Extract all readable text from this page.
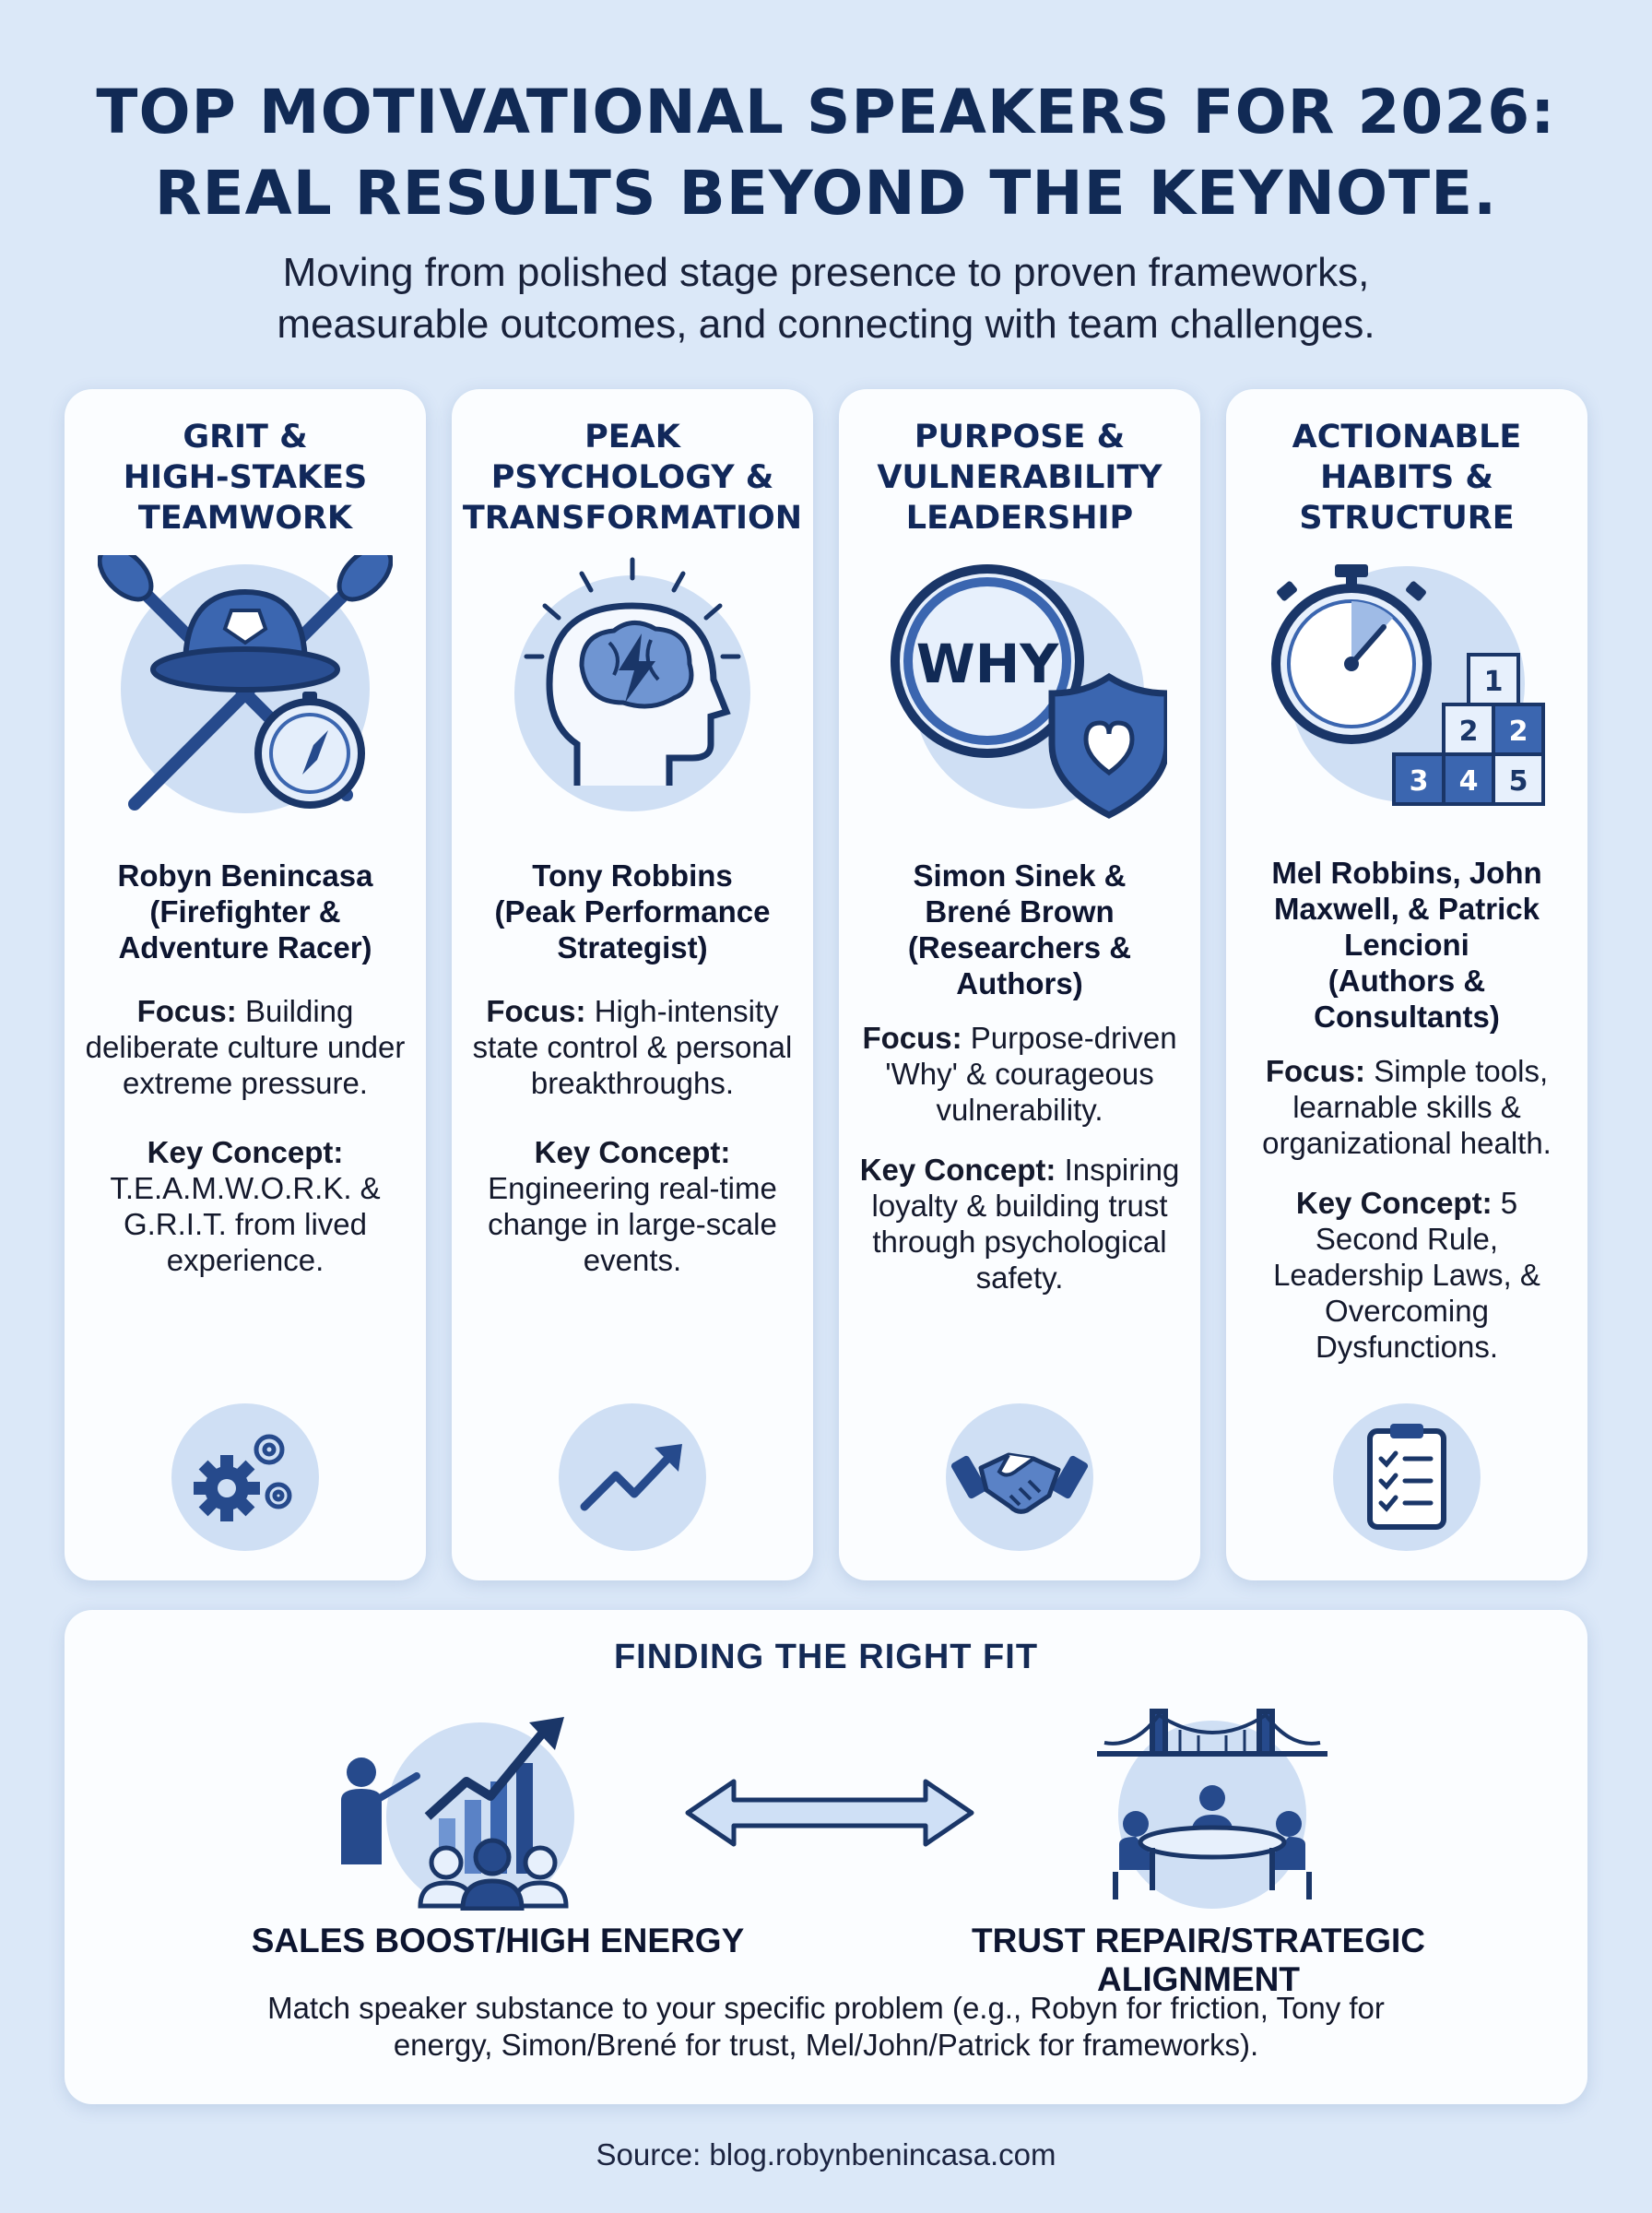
TOP MOTIVATIONAL SPEAKERS FOR 2026:
REAL RESULTS BEYOND THE KEYNOTE.
Moving from polished stage presence to proven frameworks,
measurable outcomes, and connecting with team challenges.
GRIT &
HIGH-STAKES
TEAMWORK
Robyn Benincasa
(Firefighter &
Adventure Racer)
Focus: Building deliberate culture under extreme pressure.
Key Concept: T.E.A.M.W.O.R.K. & G.R.I.T. from lived experience.
PEAK
PSYCHOLOGY &
TRANSFORMATION
Tony Robbins
(Peak Performance
Strategist)
Focus: High-intensity state control & personal breakthroughs.
Key Concept: Engineering real-time change in large-scale events.
PURPOSE &
VULNERABILITY
LEADERSHIP
WHY
Simon Sinek &
Brené Brown
(Researchers &
Authors)
Focus: Purpose-driven 'Why' & courageous vulnerability.
Key Concept: Inspiring loyalty & building trust through psychological safety.
ACTIONABLE
HABITS &
STRUCTURE
1
2 2
3 4 5
Mel Robbins, John
Maxwell, & Patrick
Lencioni
(Authors &
Consultants)
Focus: Simple tools, learnable skills & organizational health.
Key Concept: 5 Second Rule, Leadership Laws, & Overcoming Dysfunctions.
FINDING THE RIGHT FIT
SALES BOOST/HIGH ENERGY	TRUST REPAIR/STRATEGIC ALIGNMENT
Match speaker substance to your specific problem (e.g., Robyn for friction, Tony for
energy, Simon/Brené for trust, Mel/John/Patrick for frameworks).
Source: blog.robynbenincasa.com
